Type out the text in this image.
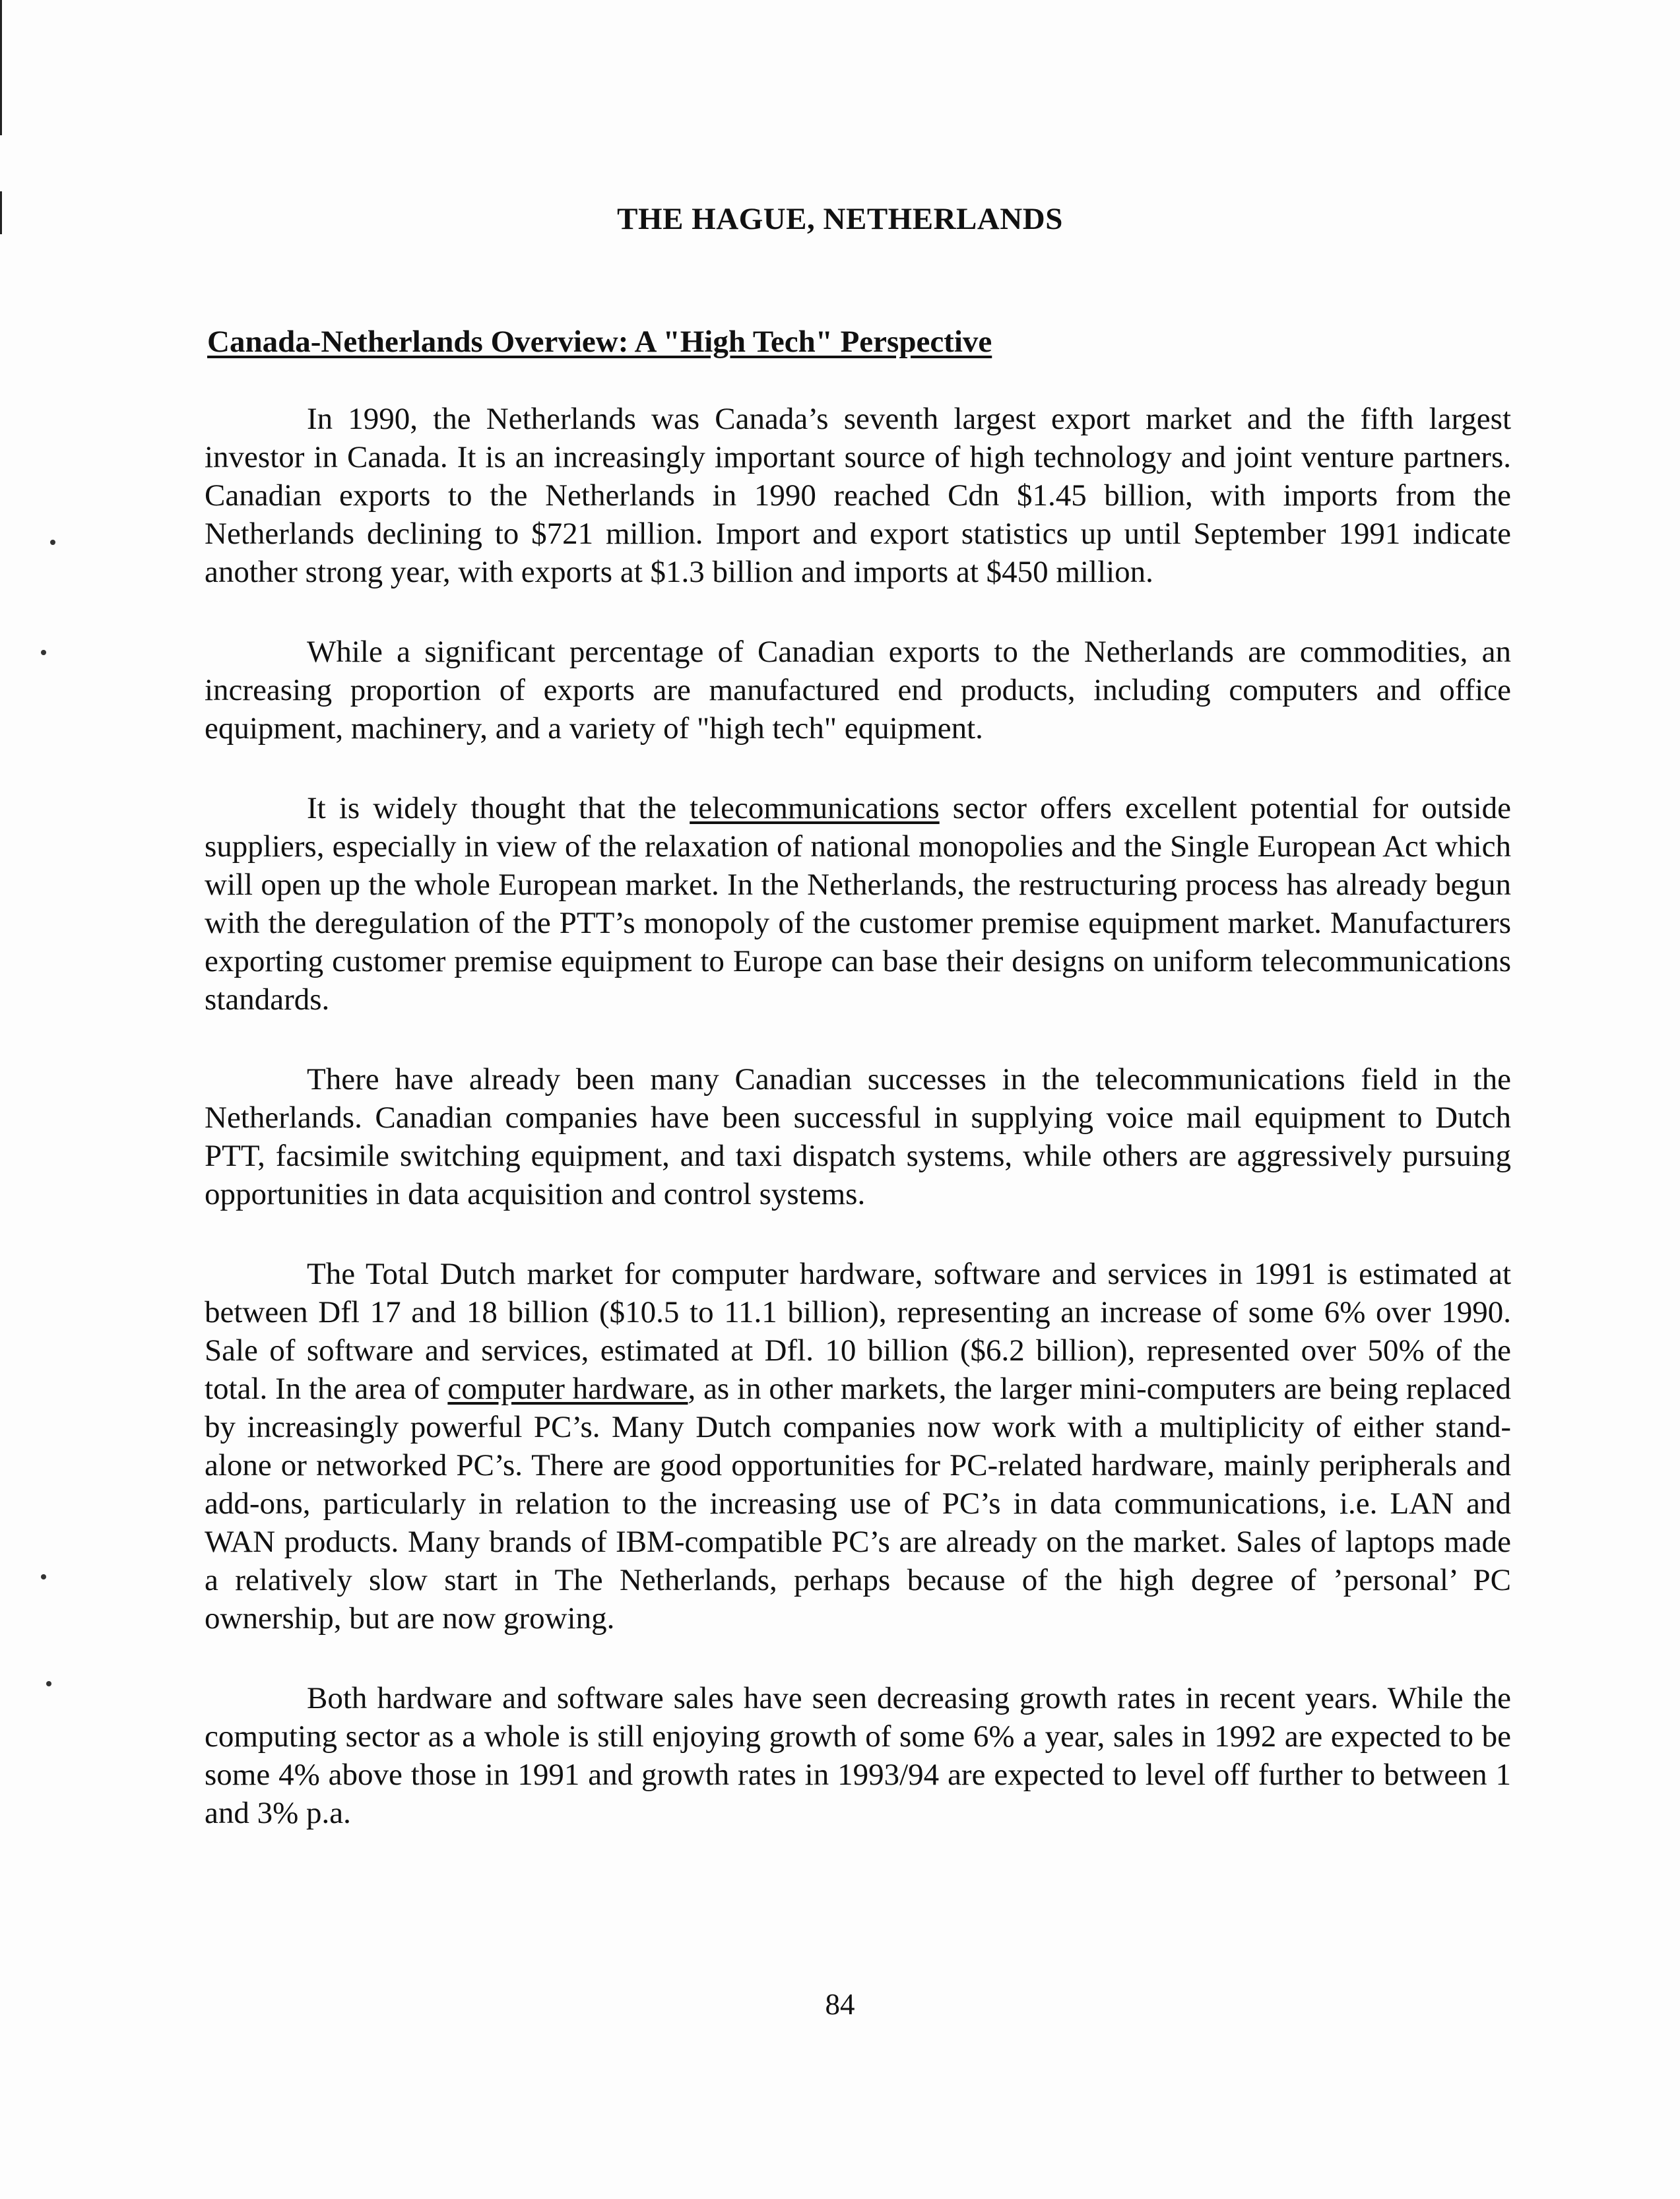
THE HAGUE, NETHERLANDS
Canada-Netherlands Overview: A "High Tech" Perspective

In 1990, the Netherlands was Canada’s seventh largest export market and the fifth largest investor in Canada. It is an increasingly important source of high technology and joint venture partners. Canadian exports to the Netherlands in 1990 reached Cdn $1.45 billion, with imports from the Netherlands declining to $721 million. Import and export statistics up until September 1991 indicate another strong year, with exports at $1.3 billion and imports at $450 million.

While a significant percentage of Canadian exports to the Netherlands are commodities, an increasing proportion of exports are manufactured end products, including computers and office equipment, machinery, and a variety of "high tech" equipment.

It is widely thought that the telecommunications sector offers excellent potential for outside suppliers, especially in view of the relaxation of national monopolies and the Single European Act which will open up the whole European market. In the Netherlands, the restructuring process has already begun with the deregulation of the PTT’s monopoly of the customer premise equipment market. Manufacturers exporting customer premise equipment to Europe can base their designs on uniform telecommunications standards.

There have already been many Canadian successes in the telecommunications field in the Netherlands. Canadian companies have been successful in supplying voice mail equipment to Dutch PTT, facsimile switching equipment, and taxi dispatch systems, while others are aggressively pursuing opportunities in data acquisition and control systems.

The Total Dutch market for computer hardware, software and services in 1991 is estimated at between Dfl 17 and 18 billion ($10.5 to 11.1 billion), representing an increase of some 6% over 1990. Sale of software and services, estimated at Dfl. 10 billion ($6.2 billion), represented over 50% of the total. In the area of computer hardware, as in other markets, the larger mini-computers are being replaced by increasingly powerful PC’s. Many Dutch companies now work with a multiplicity of either stand-alone or networked PC’s. There are good opportunities for PC-related hardware, mainly peripherals and add-ons, particularly in relation to the increasing use of PC’s in data communications, i.e. LAN and WAN products. Many brands of IBM-compatible PC’s are already on the market. Sales of laptops made a relatively slow start in The Netherlands, perhaps because of the high degree of ’personal’ PC ownership, but are now growing.

Both hardware and software sales have seen decreasing growth rates in recent years. While the computing sector as a whole is still enjoying growth of some 6% a year, sales in 1992 are expected to be some 4% above those in 1991 and growth rates in 1993/94 are expected to level off further to between 1 and 3% p.a.

84
